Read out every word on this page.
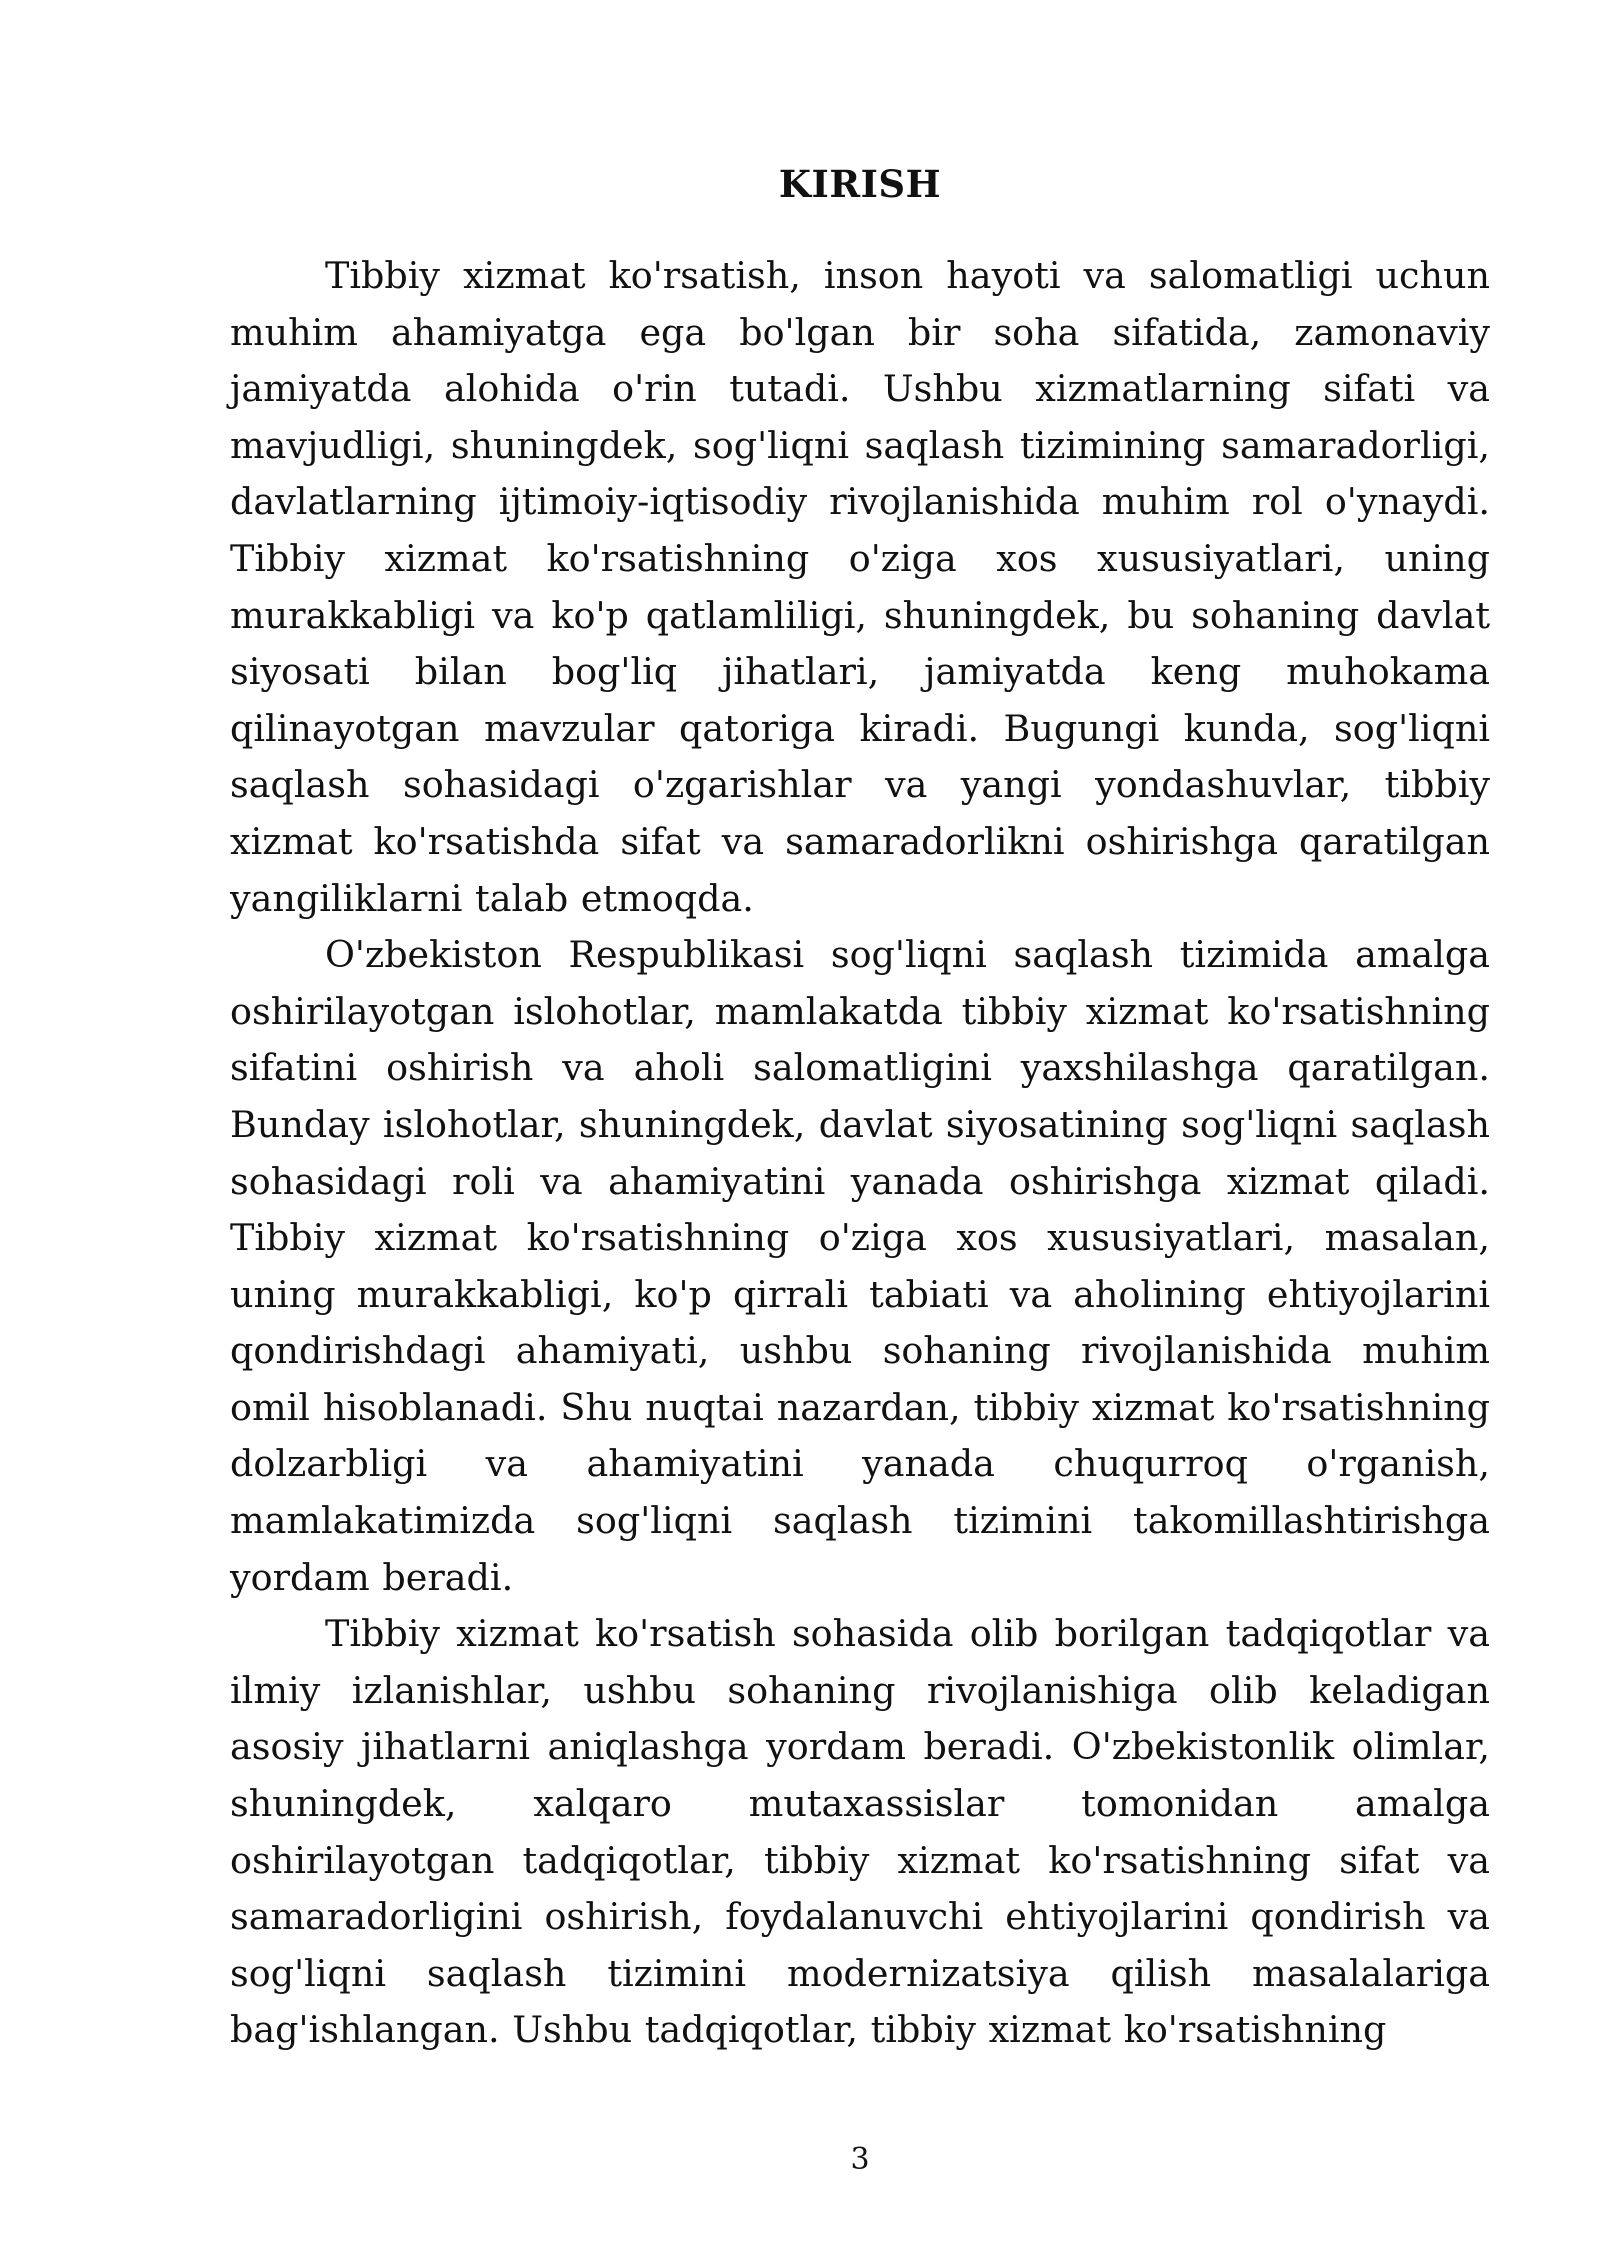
KIRISH

Tibbiy xizmat ko'rsatish, inson hayoti va salomatligi uchun muhim ahamiyatga ega bo'lgan bir soha sifatida, zamonaviy jamiyatda alohida o'rin tutadi. Ushbu xizmatlarning sifati va mavjudligi, shuningdek, sog'liqni saqlash tizimining samaradorligi, davlatlarning ijtimoiy-iqtisodiy rivojlanishida muhim rol o'ynaydi. Tibbiy xizmat ko'rsatishning o'ziga xos xususiyatlari, uning murakkabligi va ko'p qatlamliligi, shuningdek, bu sohaning davlat siyosati bilan bog'liq jihatlari, jamiyatda keng muhokama qilinayotgan mavzular qatoriga kiradi. Bugungi kunda, sog'liqni saqlash sohasidagi o'zgarishlar va yangi yondashuvlar, tibbiy xizmat ko'rsatishda sifat va samaradorlikni oshirishga qaratilgan yangiliklarni talab etmoqda.

O'zbekiston Respublikasi sog'liqni saqlash tizimida amalga oshirilayotgan islohotlar, mamlakatda tibbiy xizmat ko'rsatishning sifatini oshirish va aholi salomatligini yaxshilashga qaratilgan. Bunday islohotlar, shuningdek, davlat siyosatining sog'liqni saqlash sohasidagi roli va ahamiyatini yanada oshirishga xizmat qiladi. Tibbiy xizmat ko'rsatishning o'ziga xos xususiyatlari, masalan, uning murakkabligi, ko'p qirrali tabiati va aholining ehtiyojlarini qondirishdagi ahamiyati, ushbu sohaning rivojlanishida muhim omil hisoblanadi. Shu nuqtai nazardan, tibbiy xizmat ko'rsatishning dolzarbligi va ahamiyatini yanada chuqurroq o'rganish, mamlakatimizda sog'liqni saqlash tizimini takomillashtirishga yordam beradi.

Tibbiy xizmat ko'rsatish sohasida olib borilgan tadqiqotlar va ilmiy izlanishlar, ushbu sohaning rivojlanishiga olib keladigan asosiy jihatlarni aniqlashga yordam beradi. O'zbekistonlik olimlar, shuningdek, xalqaro mutaxassislar tomonidan amalga oshirilayotgan tadqiqotlar, tibbiy xizmat ko'rsatishning sifat va samaradorligini oshirish, foydalanuvchi ehtiyojlarini qondirish va sog'liqni saqlash tizimini modernizatsiya qilish masalalariga bag'ishlangan. Ushbu tadqiqotlar, tibbiy xizmat ko'rsatishning

3
